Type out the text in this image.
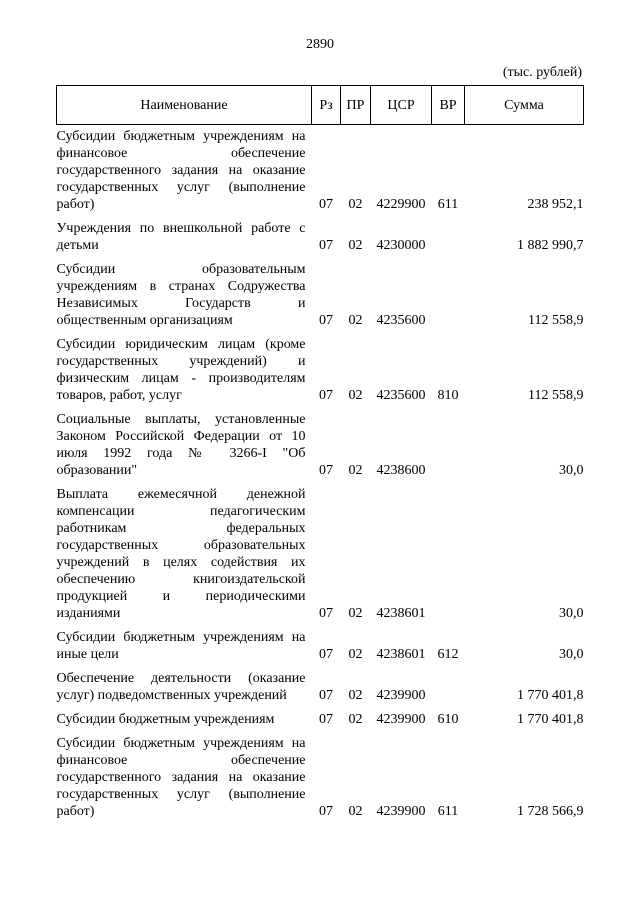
2890
(тыс. рублей)
Наименование	Рз	ПР	ЦСР	ВР	Сумма
Субсидии бюджетным учреждениям на финансовое обеспечение государственного задания на оказание государственных услуг (выполнение работ)	07	02	4229900	611	238 952,1
Учреждения по внешкольной работе с детьми	07	02	4230000		1 882 990,7
Субсидии образовательным учреждениям в странах Содружества Независимых Государств и общественным организациям	07	02	4235600		112 558,9
Субсидии юридическим лицам (кроме государственных учреждений) и физическим лицам - производителям товаров, работ, услуг	07	02	4235600	810	112 558,9
Социальные выплаты, установленные Законом Российской Федерации от 10 июля 1992 года № 3266-I "Об образовании"	07	02	4238600		30,0
Выплата ежемесячной денежной компенсации педагогическим работникам федеральных государственных образовательных учреждений в целях содействия их обеспечению книгоиздательской продукцией и периодическими изданиями	07	02	4238601		30,0
Субсидии бюджетным учреждениям на иные цели	07	02	4238601	612	30,0
Обеспечение деятельности (оказание услуг) подведомственных учреждений	07	02	4239900		1 770 401,8
Субсидии бюджетным учреждениям	07	02	4239900	610	1 770 401,8
Субсидии бюджетным учреждениям на финансовое обеспечение государственного задания на оказание государственных услуг (выполнение работ)	07	02	4239900	611	1 728 566,9
